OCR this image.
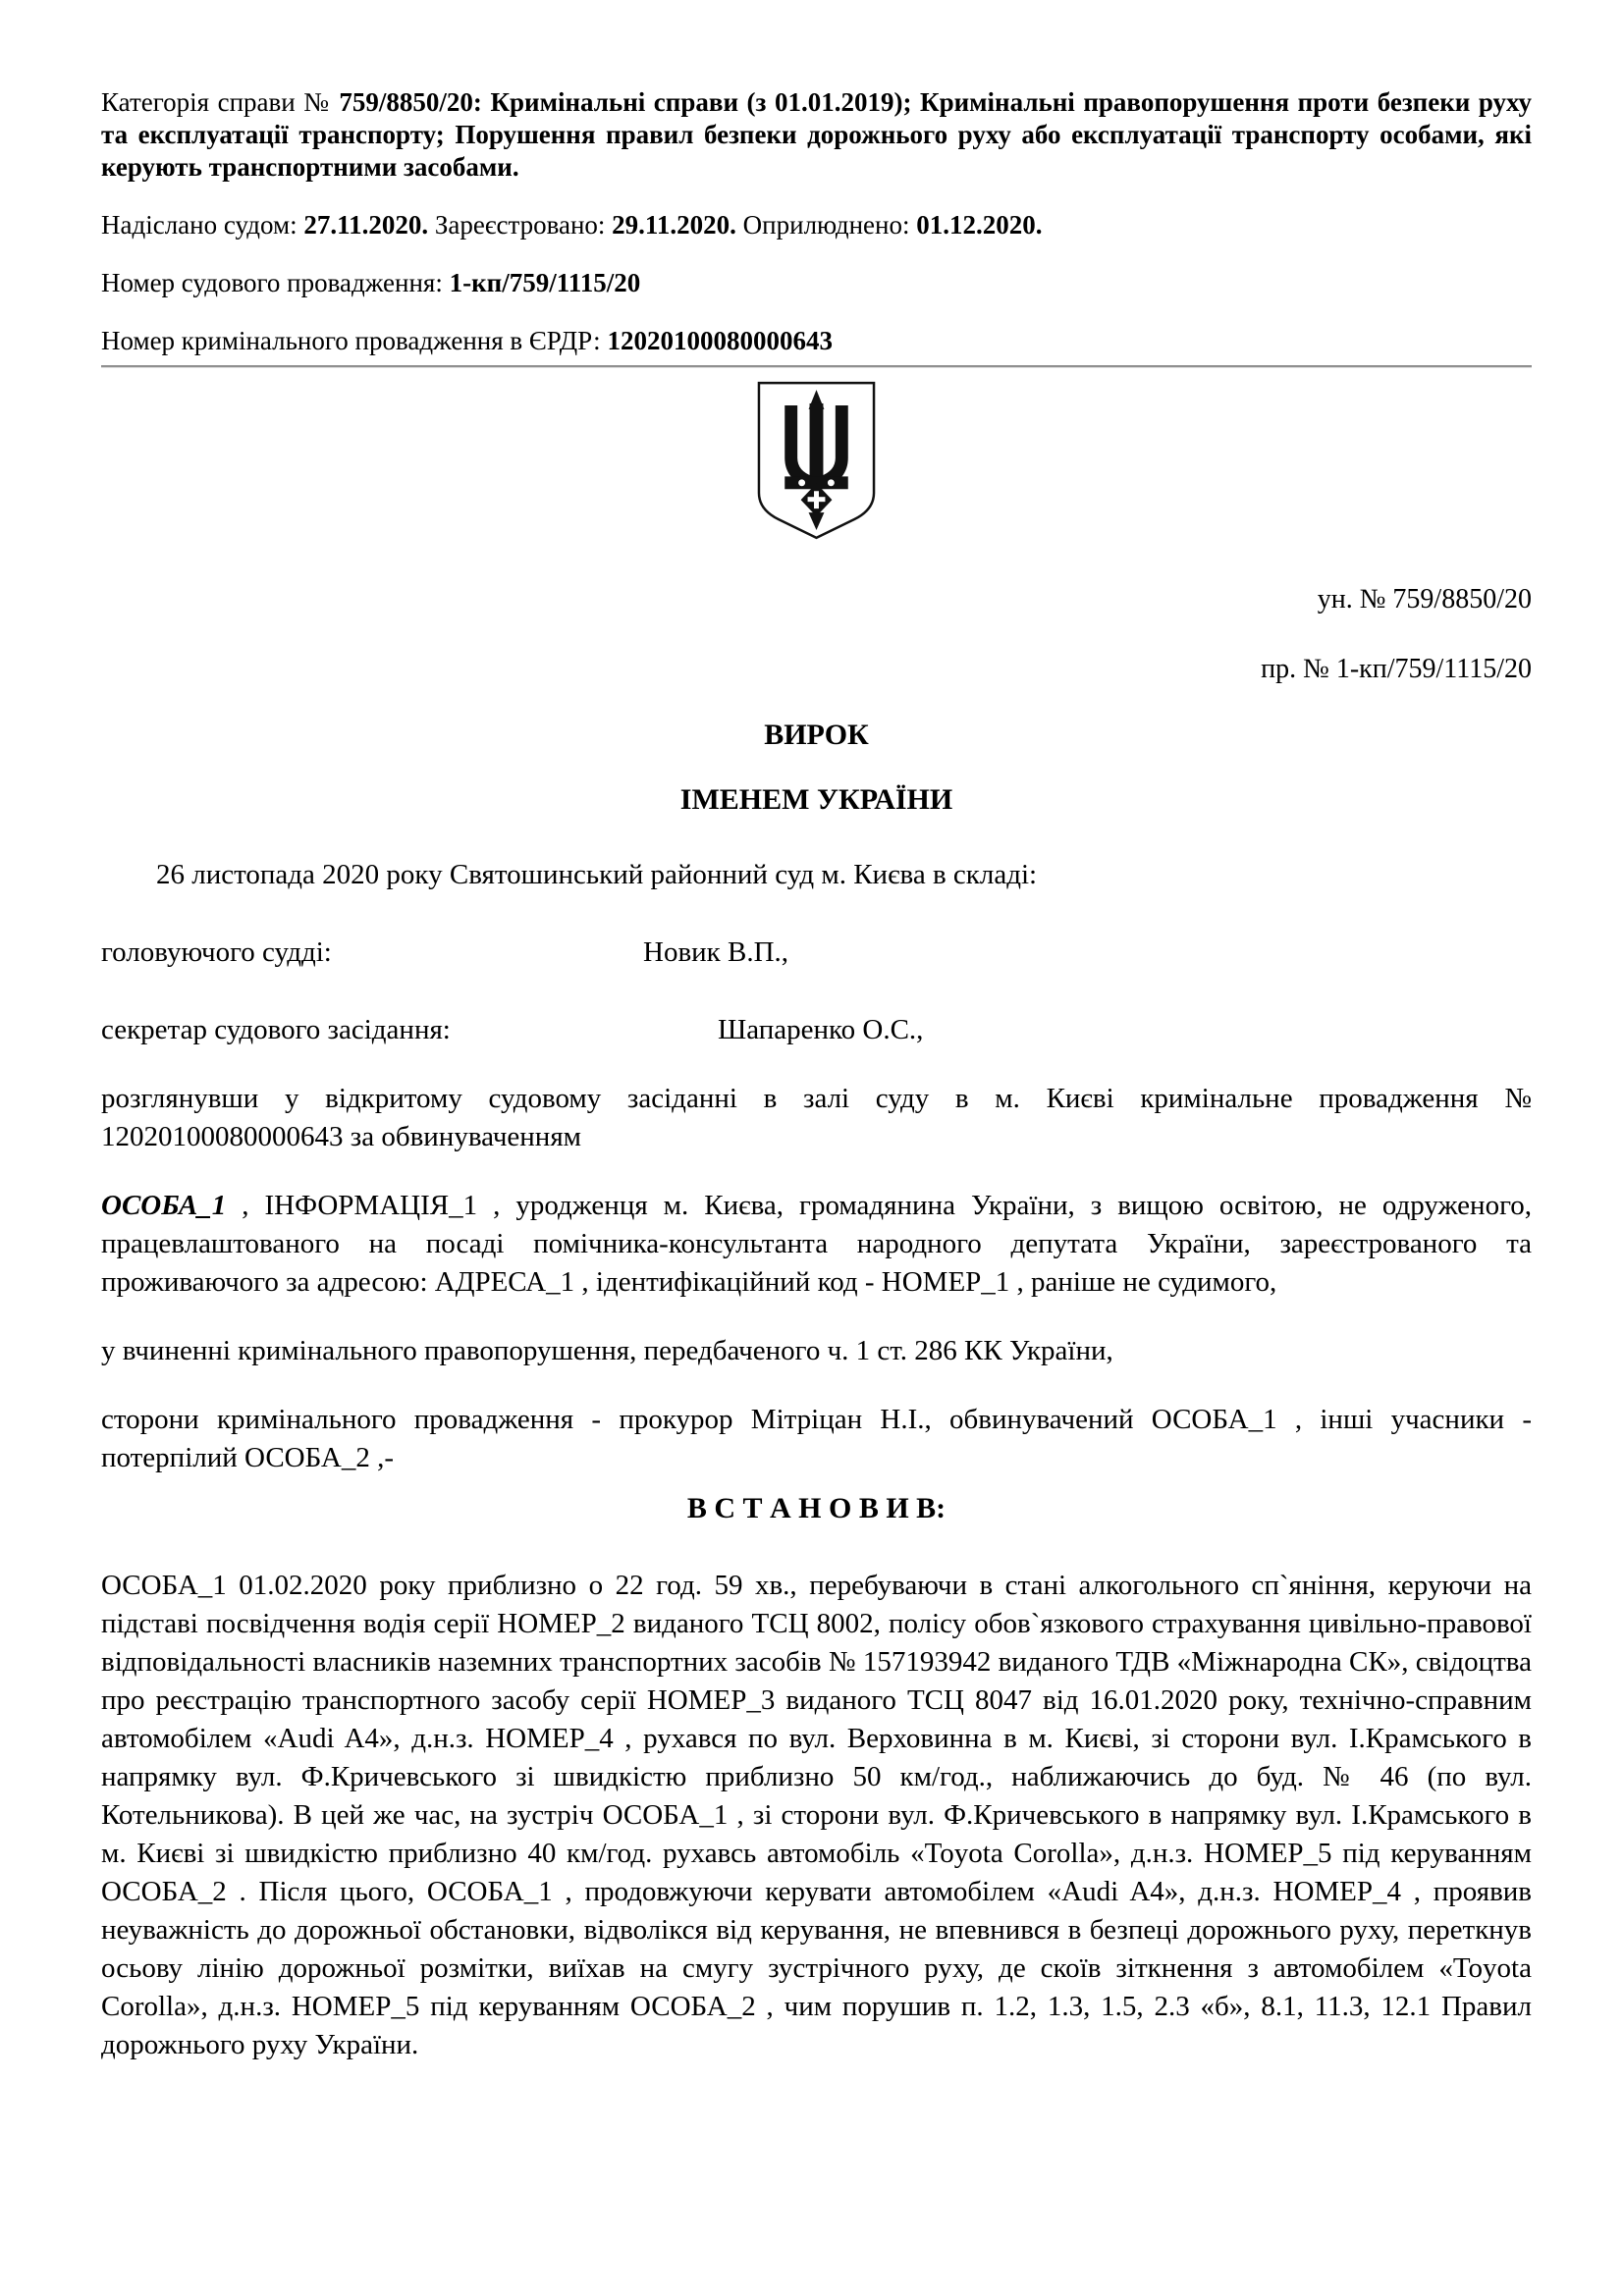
Категорія справи № 759/8850/20: Кримінальні справи (з 01.01.2019); Кримінальні правопорушення проти безпеки руху та експлуатації транспорту; Порушення правил безпеки дорожнього руху або експлуатації транспорту особами, які керують транспортними засобами.

Надіслано судом: 27.11.2020. Зареєстровано: 29.11.2020. Оприлюднено: 01.12.2020.

Номер судового провадження: 1-кп/759/1115/20

Номер кримінального провадження в ЄРДР: 12020100080000643

ун. № 759/8850/20

пр. № 1-кп/759/1115/20

ВИРОК

ІМЕНЕМ УКРАЇНИ

26 листопада 2020 року Святошинський районний суд м. Києва в складі:

головуючого судді:	Новик В.П.,

секретар судового засідання:	Шапаренко О.С.,

розглянувши у відкритому судовому засіданні в залі суду в м. Києві кримінальне провадження № 12020100080000643 за обвинуваченням

ОСОБА_1 , ІНФОРМАЦІЯ_1 , уродженця м. Києва, громадянина України, з вищою освітою, не одруженого, працевлаштованого на посаді помічника-консультанта народного депутата України, зареєстрованого та проживаючого за адресою: АДРЕСА_1 , ідентифікаційний код - НОМЕР_1 , раніше не судимого,

у вчиненні кримінального правопорушення, передбаченого ч. 1 ст. 286 КК України,

сторони кримінального провадження - прокурор Мітріцан Н.І., обвинувачений ОСОБА_1 , інші учасники - потерпілий ОСОБА_2 ,-

В С Т А Н О В И В:

ОСОБА_1 01.02.2020 року приблизно о 22 год. 59 хв., перебуваючи в стані алкогольного сп`яніння, керуючи на підставі посвідчення водія серії НОМЕР_2 виданого ТСЦ 8002, полісу обов`язкового страхування цивільно-правової відповідальності власників наземних транспортних засобів № 157193942 виданого ТДВ «Міжнародна СК», свідоцтва про реєстрацію транспортного засобу серії НОМЕР_3 виданого ТСЦ 8047 від 16.01.2020 року, технічно-справним автомобілем «Audi A4», д.н.з. НОМЕР_4 , рухався по вул. Верховинна в м. Києві, зі сторони вул. І.Крамського в напрямку вул. Ф.Кричевського зі швидкістю приблизно 50 км/год., наближаючись до буд. № 46 (по вул. Котельникова). В цей же час, на зустріч ОСОБА_1 , зі сторони вул. Ф.Кричевського в напрямку вул. І.Крамського в м. Києві зі швидкістю приблизно 40 км/год. рухавсь автомобіль «Toyota Corolla», д.н.з. НОМЕР_5 під керуванням ОСОБА_2 . Після цього, ОСОБА_1 , продовжуючи керувати автомобілем «Audi A4», д.н.з. НОМЕР_4 , проявив неуважність до дорожньої обстановки, відволікся від керування, не впевнився в безпеці дорожнього руху, переткнув осьову лінію дорожньої розмітки, виїхав на смугу зустрічного руху, де скоїв зіткнення з автомобілем «Toyota Corolla», д.н.з. НОМЕР_5 під керуванням ОСОБА_2 , чим порушив п. 1.2, 1.3, 1.5, 2.3 «б», 8.1, 11.3, 12.1 Правил дорожнього руху України.
